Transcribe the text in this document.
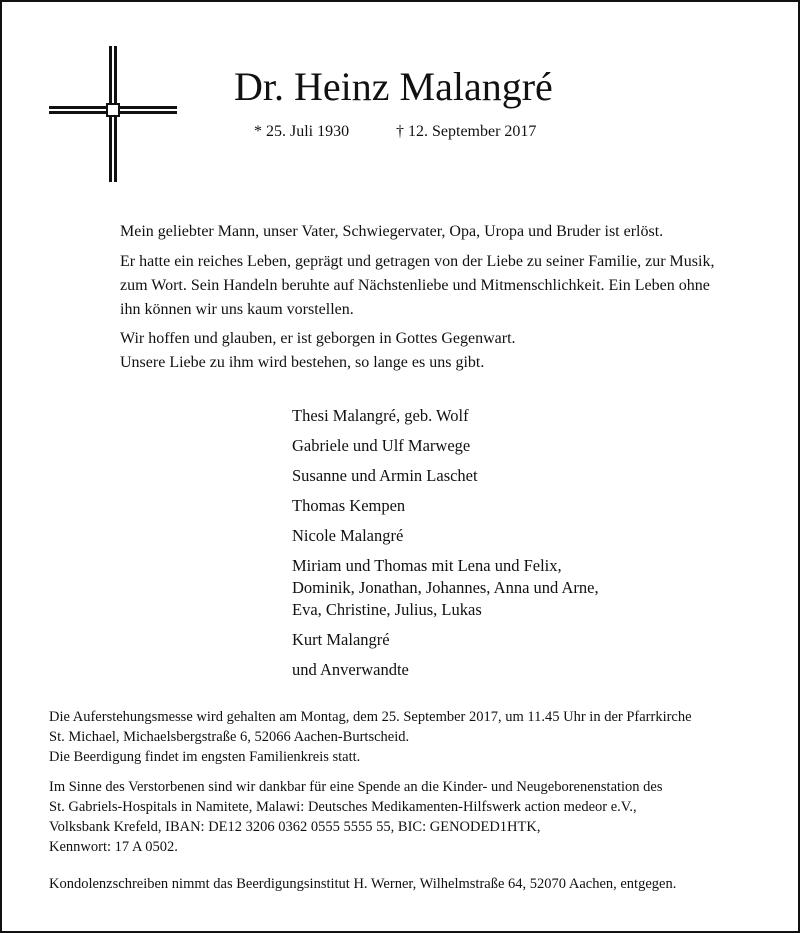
Dr. Heinz Malangré
* 25. Juli 1930	† 12. September 2017

Mein geliebter Mann, unser Vater, Schwiegervater, Opa, Uropa und Bruder ist erlöst.

Er hatte ein reiches Leben, geprägt und getragen von der Liebe zu seiner Familie, zur Musik,
zum Wort. Sein Handeln beruhte auf Nächstenliebe und Mitmenschlichkeit. Ein Leben ohne
ihn können wir uns kaum vorstellen.

Wir hoffen und glauben, er ist geborgen in Gottes Gegenwart.
Unsere Liebe zu ihm wird bestehen, so lange es uns gibt.

Thesi Malangré, geb. Wolf
Gabriele und Ulf Marwege
Susanne und Armin Laschet
Thomas Kempen
Nicole Malangré
Miriam und Thomas mit Lena und Felix,
Dominik, Jonathan, Johannes, Anna und Arne,
Eva, Christine, Julius, Lukas
Kurt Malangré
und Anverwandte

Die Auferstehungsmesse wird gehalten am Montag, dem 25. September 2017, um 11.45 Uhr in der Pfarrkirche
St. Michael, Michaelsbergstraße 6, 52066 Aachen-Burtscheid.
Die Beerdigung findet im engsten Familienkreis statt.

Im Sinne des Verstorbenen sind wir dankbar für eine Spende an die Kinder- und Neugeborenenstation des
St. Gabriels-Hospitals in Namitete, Malawi: Deutsches Medikamenten-Hilfswerk action medeor e.V.,
Volksbank Krefeld, IBAN: DE12 3206 0362 0555 5555 55, BIC: GENODED1HTK,
Kennwort: 17 A 0502.

Kondolenzschreiben nimmt das Beerdigungsinstitut H. Werner, Wilhelmstraße 64, 52070 Aachen, entgegen.
